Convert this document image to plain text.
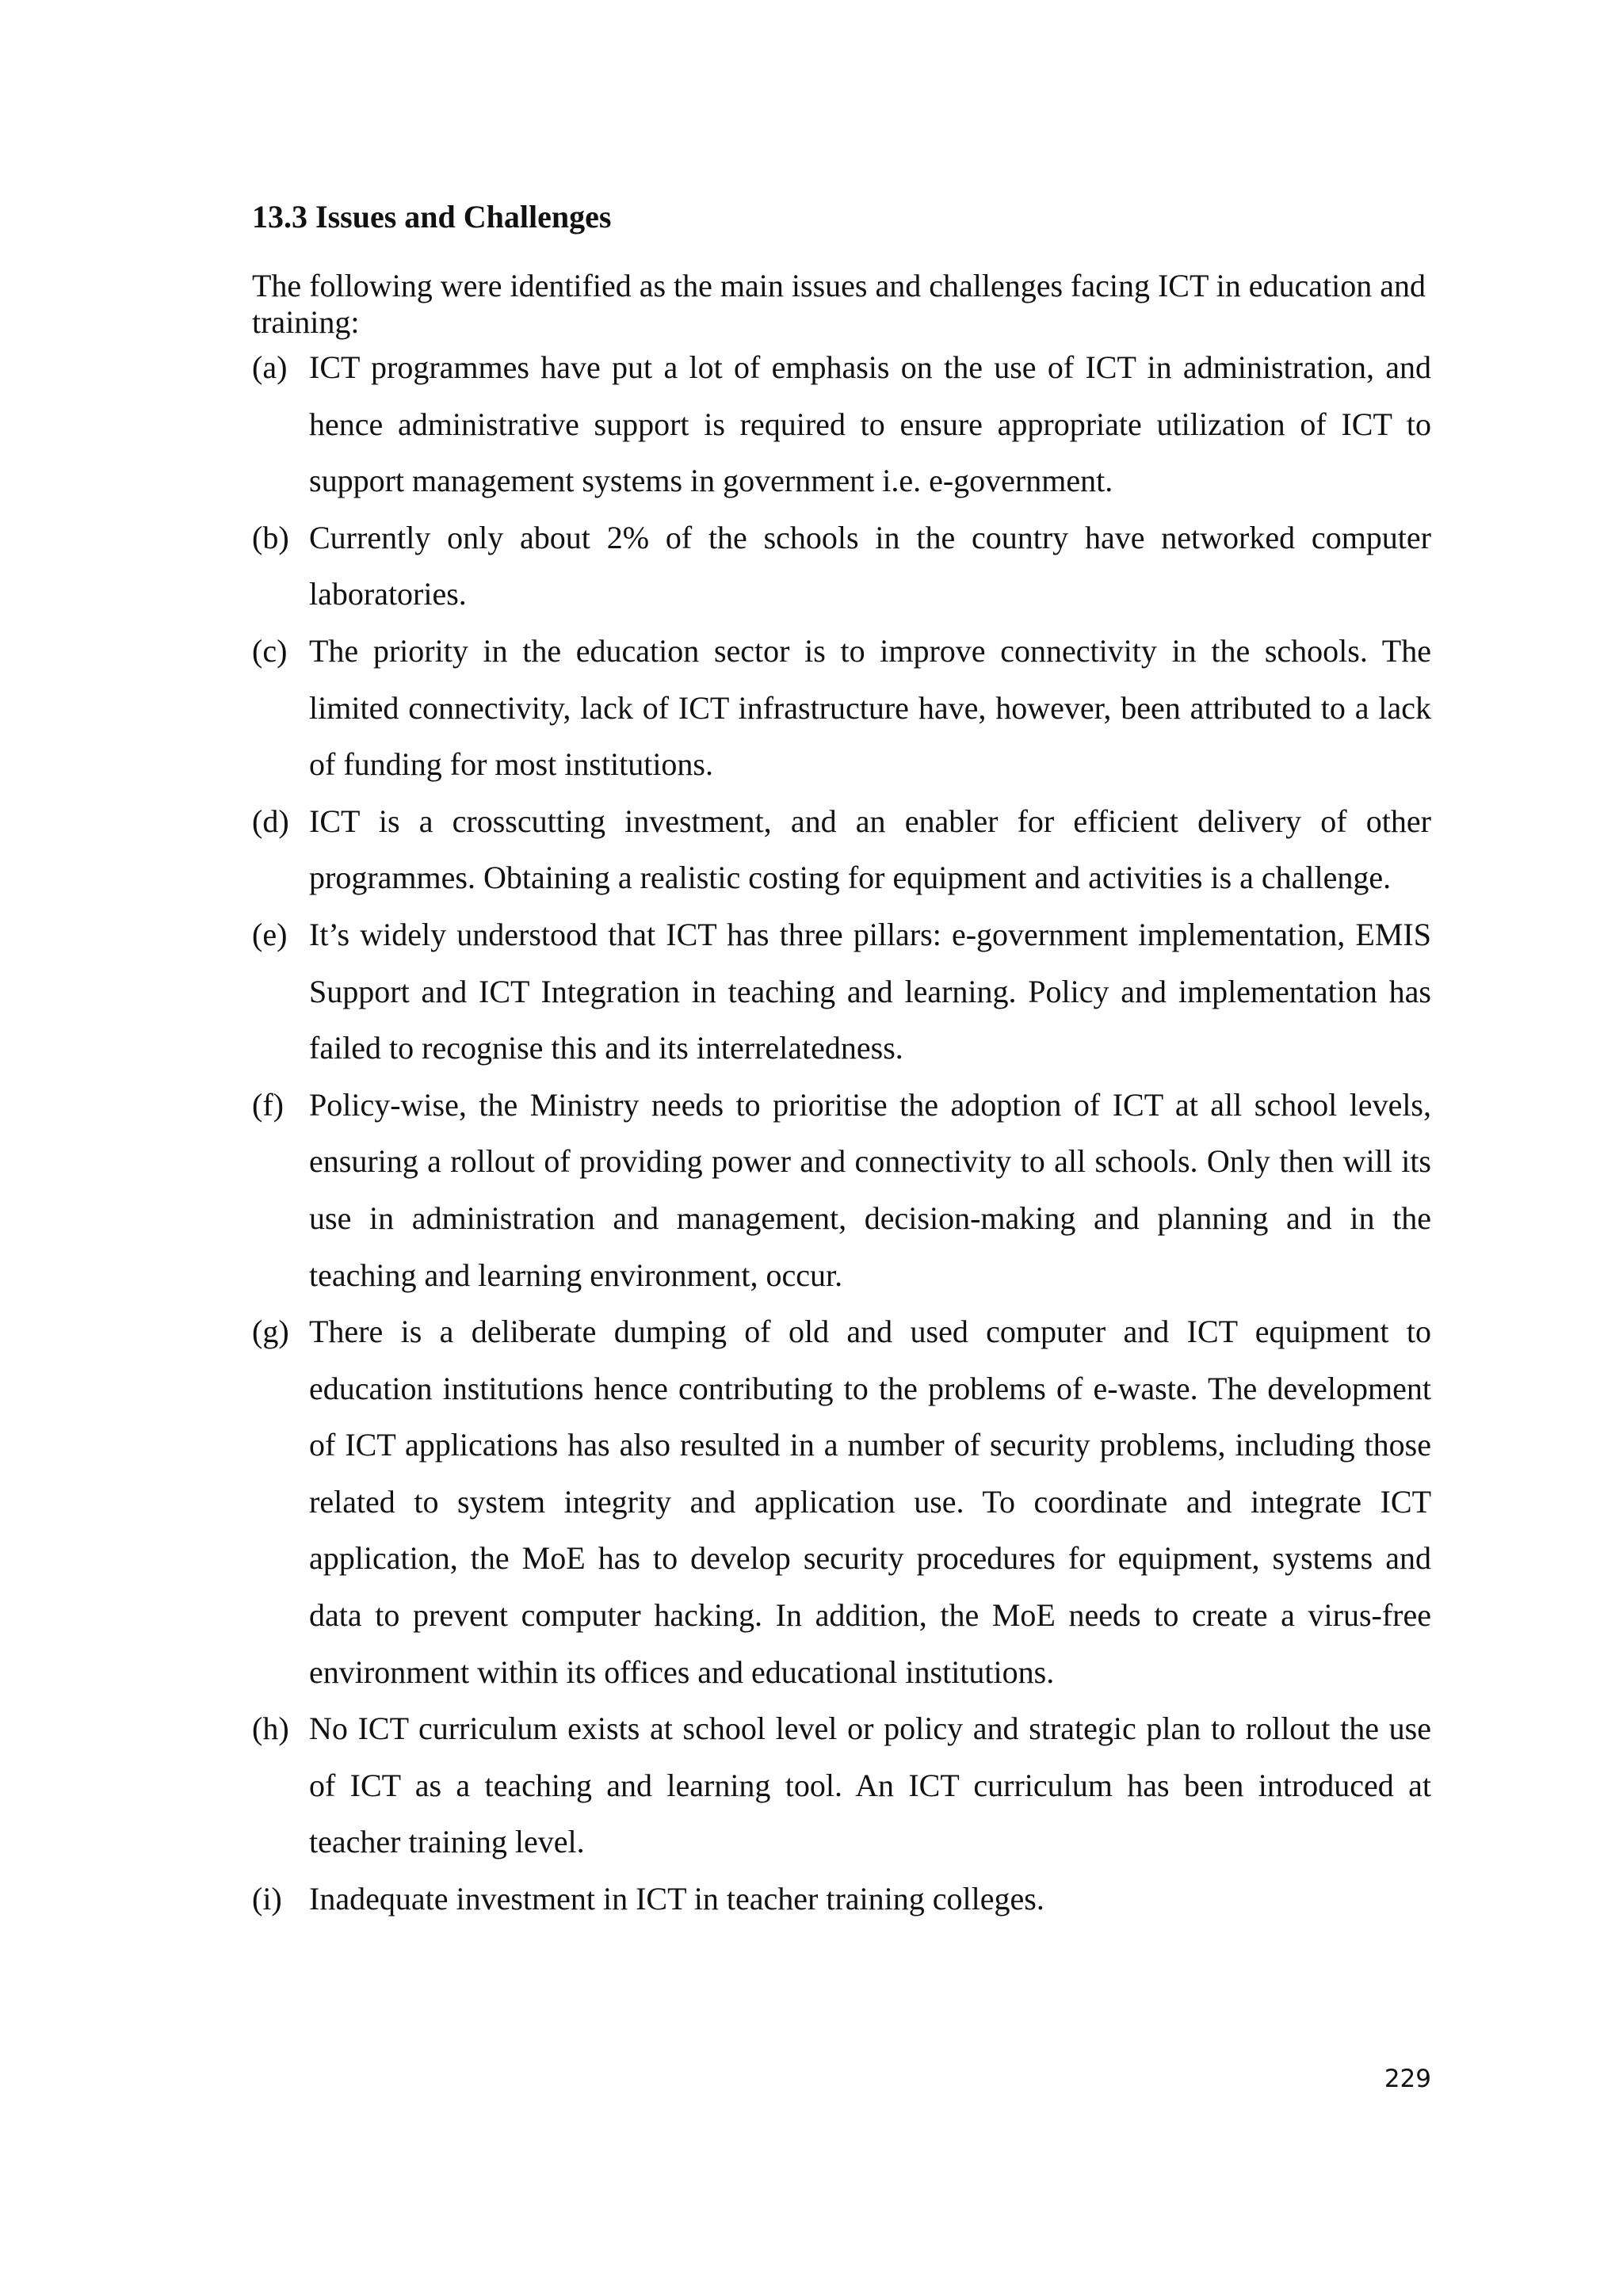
13.3 Issues and Challenges

The following were identified as the main issues and challenges facing ICT in education and training:

(a) ICT programmes have put a lot of emphasis on the use of ICT in administration, and hence administrative support is required to ensure appropriate utilization of ICT to support management systems in government i.e. e-government.
(b) Currently only about 2% of the schools in the country have networked computer laboratories.
(c) The priority in the education sector is to improve connectivity in the schools. The limited connectivity, lack of ICT infrastructure have, however, been attributed to a lack of funding for most institutions.
(d) ICT is a crosscutting investment, and an enabler for efficient delivery of other programmes. Obtaining a realistic costing for equipment and activities is a challenge.
(e) It’s widely understood that ICT has three pillars: e-government implementation, EMIS Support and ICT Integration in teaching and learning. Policy and implementation has failed to recognise this and its interrelatedness.
(f) Policy-wise, the Ministry needs to prioritise the adoption of ICT at all school levels, ensuring a rollout of providing power and connectivity to all schools. Only then will its use in administration and management, decision-making and planning and in the teaching and learning environment, occur.
(g) There is a deliberate dumping of old and used computer and ICT equipment to education institutions hence contributing to the problems of e-waste. The development of ICT applications has also resulted in a number of security problems, including those related to system integrity and application use. To coordinate and integrate ICT application, the MoE has to develop security procedures for equipment, systems and data to prevent computer hacking. In addition, the MoE needs to create a virus-free environment within its offices and educational institutions.
(h) No ICT curriculum exists at school level or policy and strategic plan to rollout the use of ICT as a teaching and learning tool. An ICT curriculum has been introduced at teacher training level.
(i) Inadequate investment in ICT in teacher training colleges.
229
